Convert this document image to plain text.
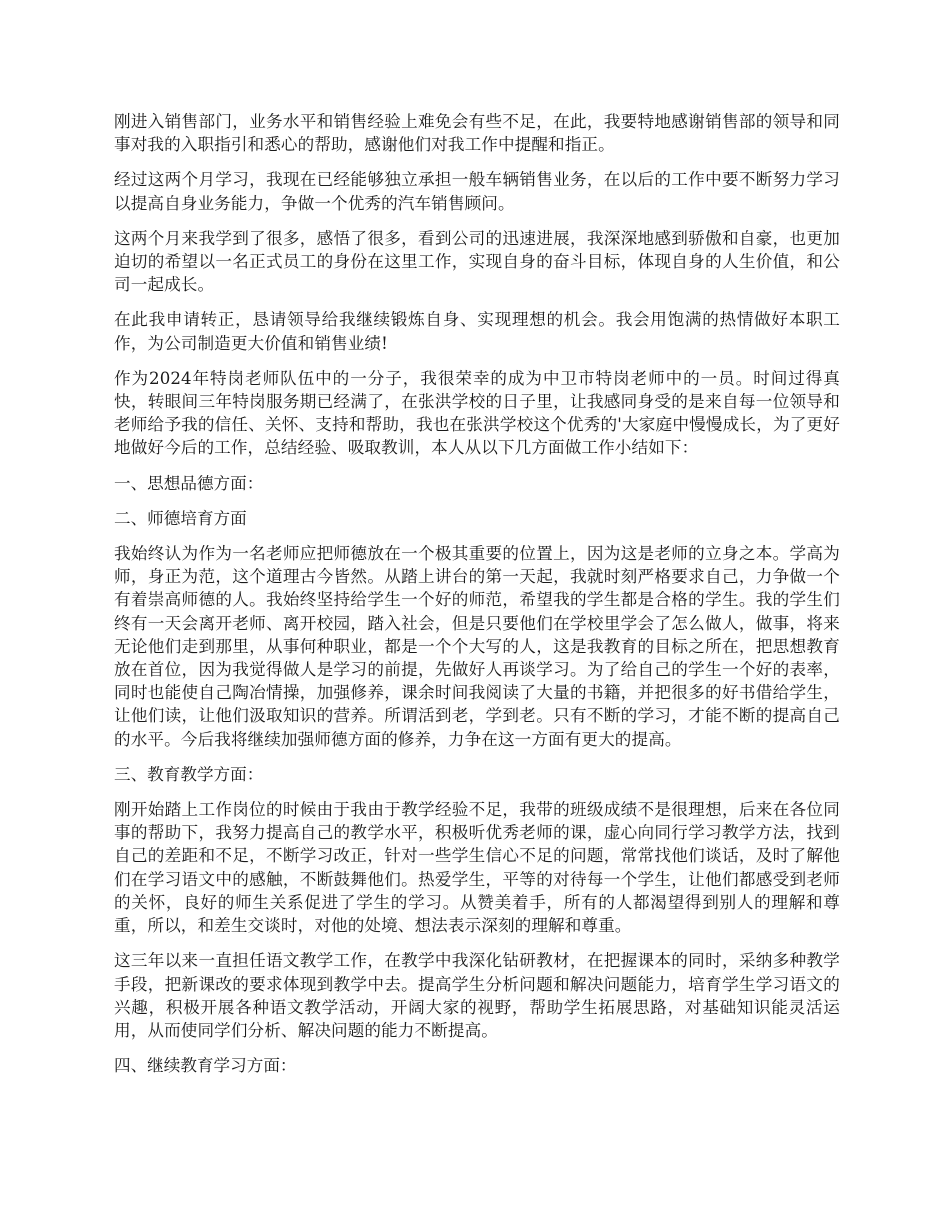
刚进入销售部门，业务水平和销售经验上难免会有些不足，在此，我要特地感谢销售部的领导和同事对我的入职指引和悉心的帮助，感谢他们对我工作中提醒和指正。

经过这两个月学习，我现在已经能够独立承担一般车辆销售业务，在以后的工作中要不断努力学习以提高自身业务能力，争做一个优秀的汽车销售顾问。

这两个月来我学到了很多，感悟了很多，看到公司的迅速进展，我深深地感到骄傲和自豪，也更加迫切的希望以一名正式员工的身份在这里工作，实现自身的奋斗目标，体现自身的人生价值，和公司一起成长。

在此我申请转正，恳请领导给我继续锻炼自身、实现理想的机会。我会用饱满的热情做好本职工作，为公司制造更大价值和销售业绩!

作为2024年特岗老师队伍中的一分子，我很荣幸的成为中卫市特岗老师中的一员。时间过得真快，转眼间三年特岗服务期已经满了，在张洪学校的日子里，让我感同身受的是来自每一位领导和老师给予我的信任、关怀、支持和帮助，我也在张洪学校这个优秀的'大家庭中慢慢成长，为了更好地做好今后的工作，总结经验、吸取教训，本人从以下几方面做工作小结如下：

一、思想品德方面：

二、师德培育方面

我始终认为作为一名老师应把师德放在一个极其重要的位置上，因为这是老师的立身之本。学高为师，身正为范，这个道理古今皆然。从踏上讲台的第一天起，我就时刻严格要求自己，力争做一个有着崇高师德的人。我始终坚持给学生一个好的师范，希望我的学生都是合格的学生。我的学生们终有一天会离开老师、离开校园，踏入社会，但是只要他们在学校里学会了怎么做人，做事，将来无论他们走到那里，从事何种职业，都是一个个大写的人，这是我教育的目标之所在，把思想教育放在首位，因为我觉得做人是学习的前提，先做好人再谈学习。为了给自己的学生一个好的表率，同时也能使自己陶冶情操，加强修养，课余时间我阅读了大量的书籍，并把很多的好书借给学生，让他们读，让他们汲取知识的营养。所谓活到老，学到老。只有不断的学习，才能不断的提高自己的水平。今后我将继续加强师德方面的修养，力争在这一方面有更大的提高。

三、教育教学方面：

刚开始踏上工作岗位的时候由于我由于教学经验不足，我带的班级成绩不是很理想，后来在各位同事的帮助下，我努力提高自己的教学水平，积极听优秀老师的课，虚心向同行学习教学方法，找到自己的差距和不足，不断学习改正，针对一些学生信心不足的问题，常常找他们谈话，及时了解他们在学习语文中的感触，不断鼓舞他们。热爱学生，平等的对待每一个学生，让他们都感受到老师的关怀，良好的师生关系促进了学生的学习。从赞美着手，所有的人都渴望得到别人的理解和尊重，所以，和差生交谈时，对他的处境、想法表示深刻的理解和尊重。

这三年以来一直担任语文教学工作，在教学中我深化钻研教材，在把握课本的同时，采纳多种教学手段，把新课改的要求体现到教学中去。提高学生分析问题和解决问题能力，培育学生学习语文的兴趣，积极开展各种语文教学活动，开阔大家的视野，帮助学生拓展思路，对基础知识能灵活运用，从而使同学们分析、解决问题的能力不断提高。

四、继续教育学习方面：
